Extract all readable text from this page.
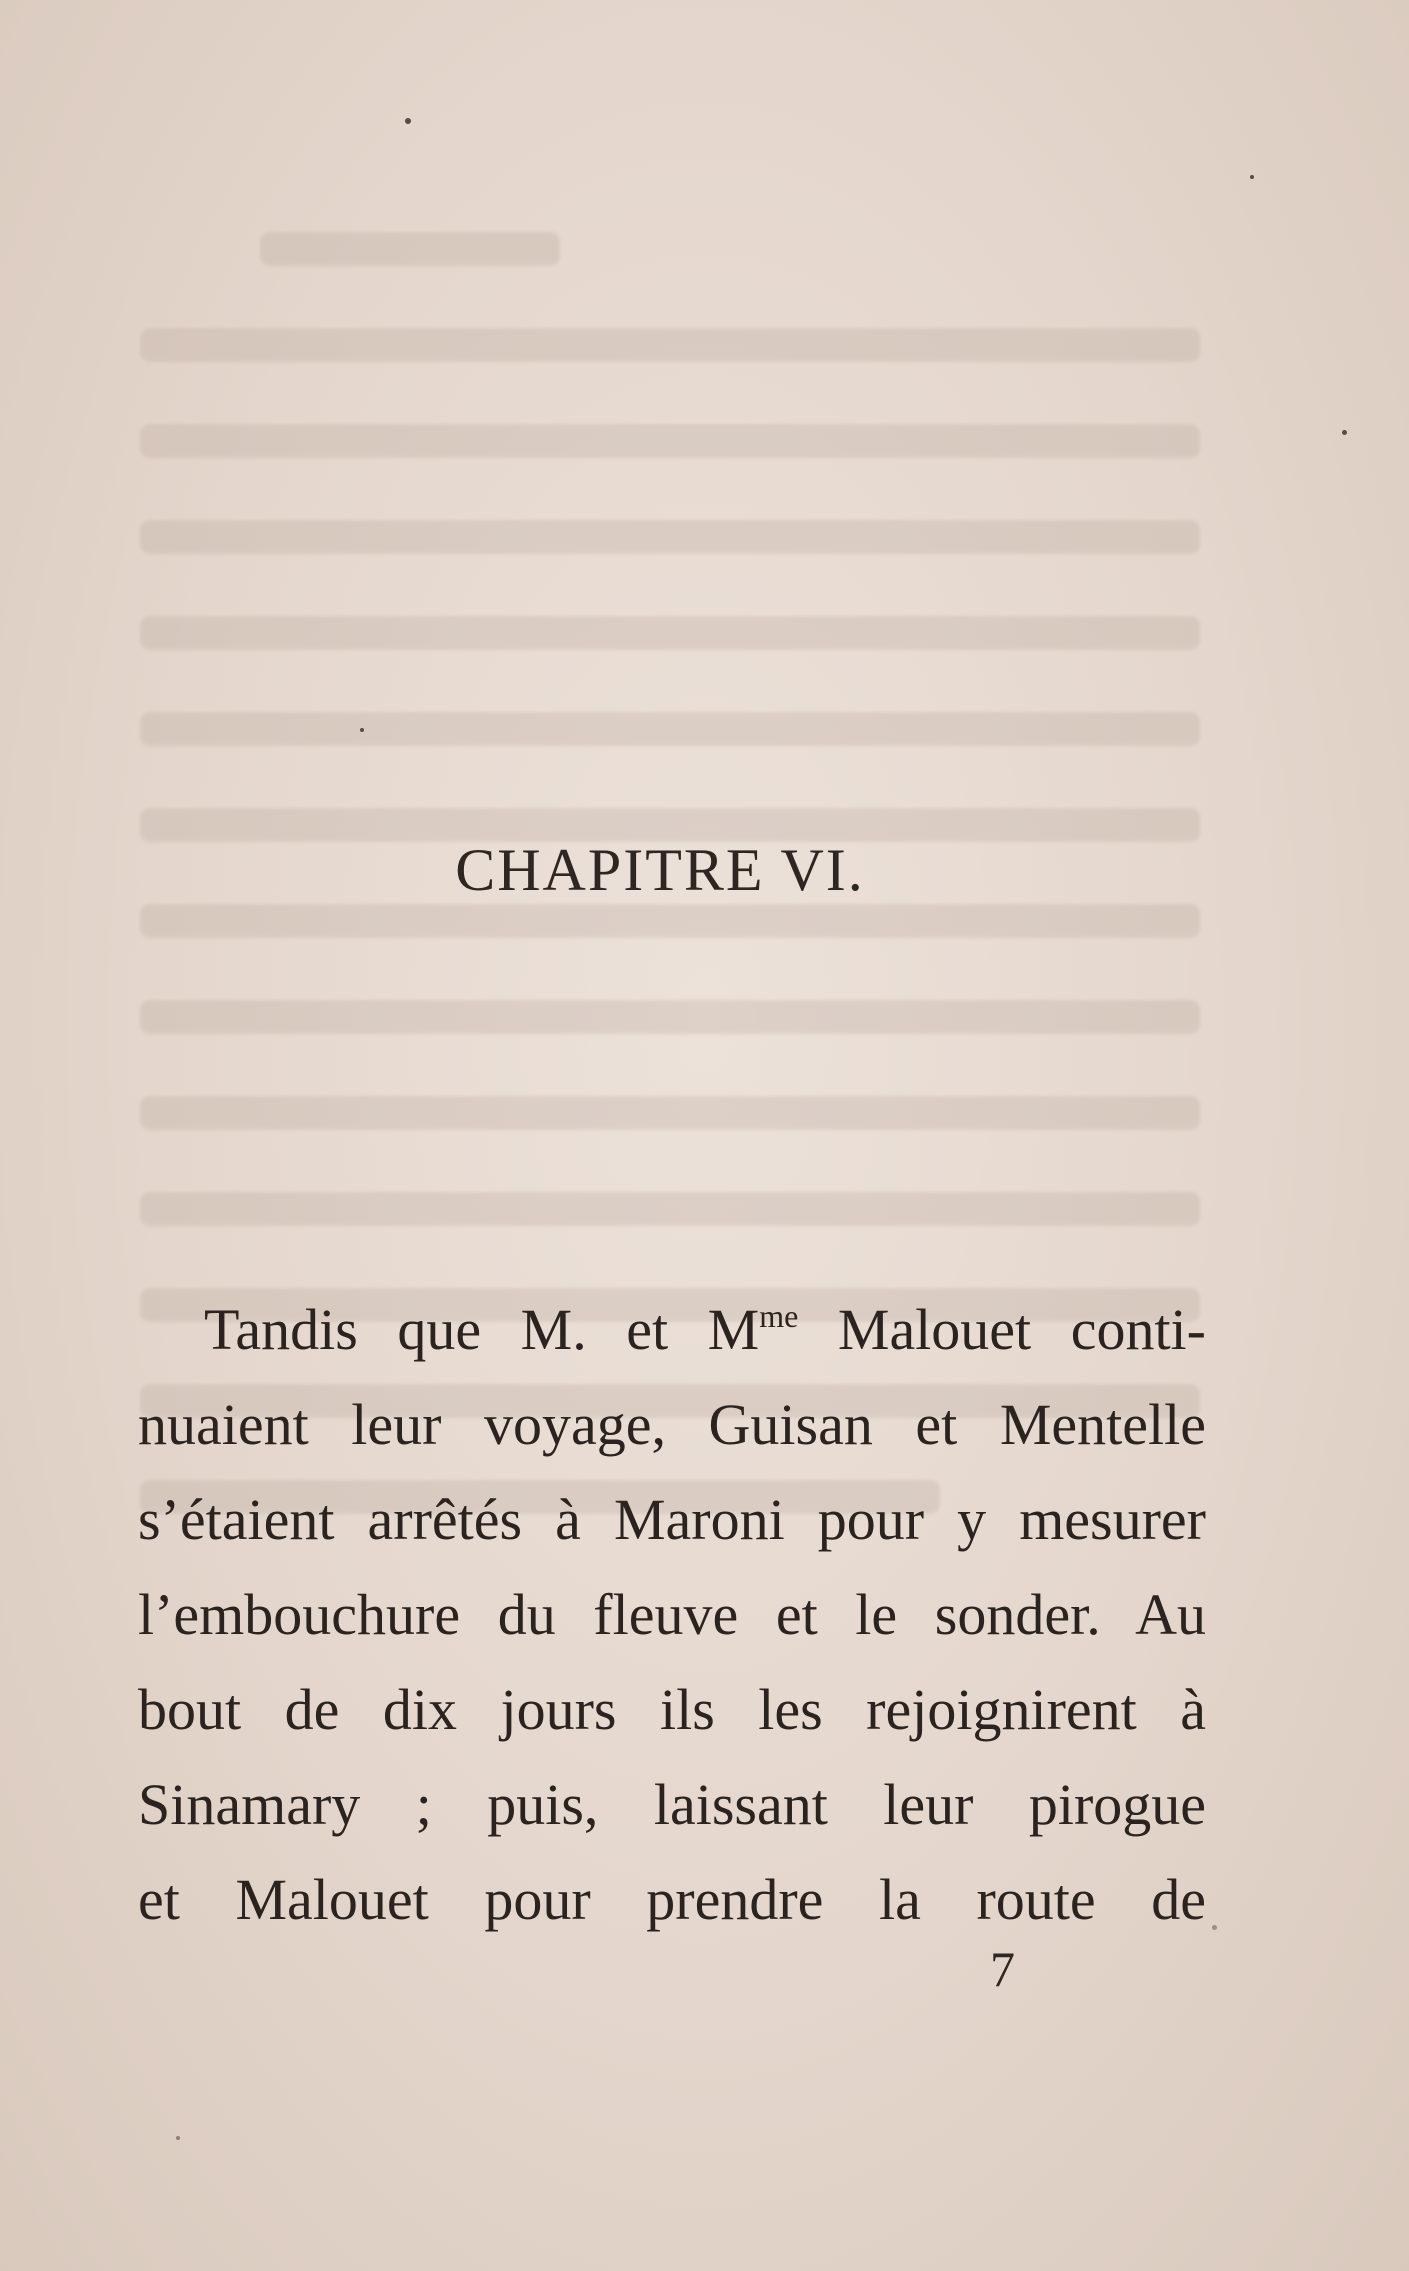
CHAPITRE VI.
Tandis que M. et $M^{me}$ Malouet conti-
nuaient leur voyage, Guisan et Mentelle
s’étaient arrêtés à Maroni pour y mesurer
l’embouchure du fleuve et le sonder. Au
bout de dix jours ils les rejoignirent à
Sinamary ; puis, laissant leur pirogue
et Malouet pour prendre la route de
7
